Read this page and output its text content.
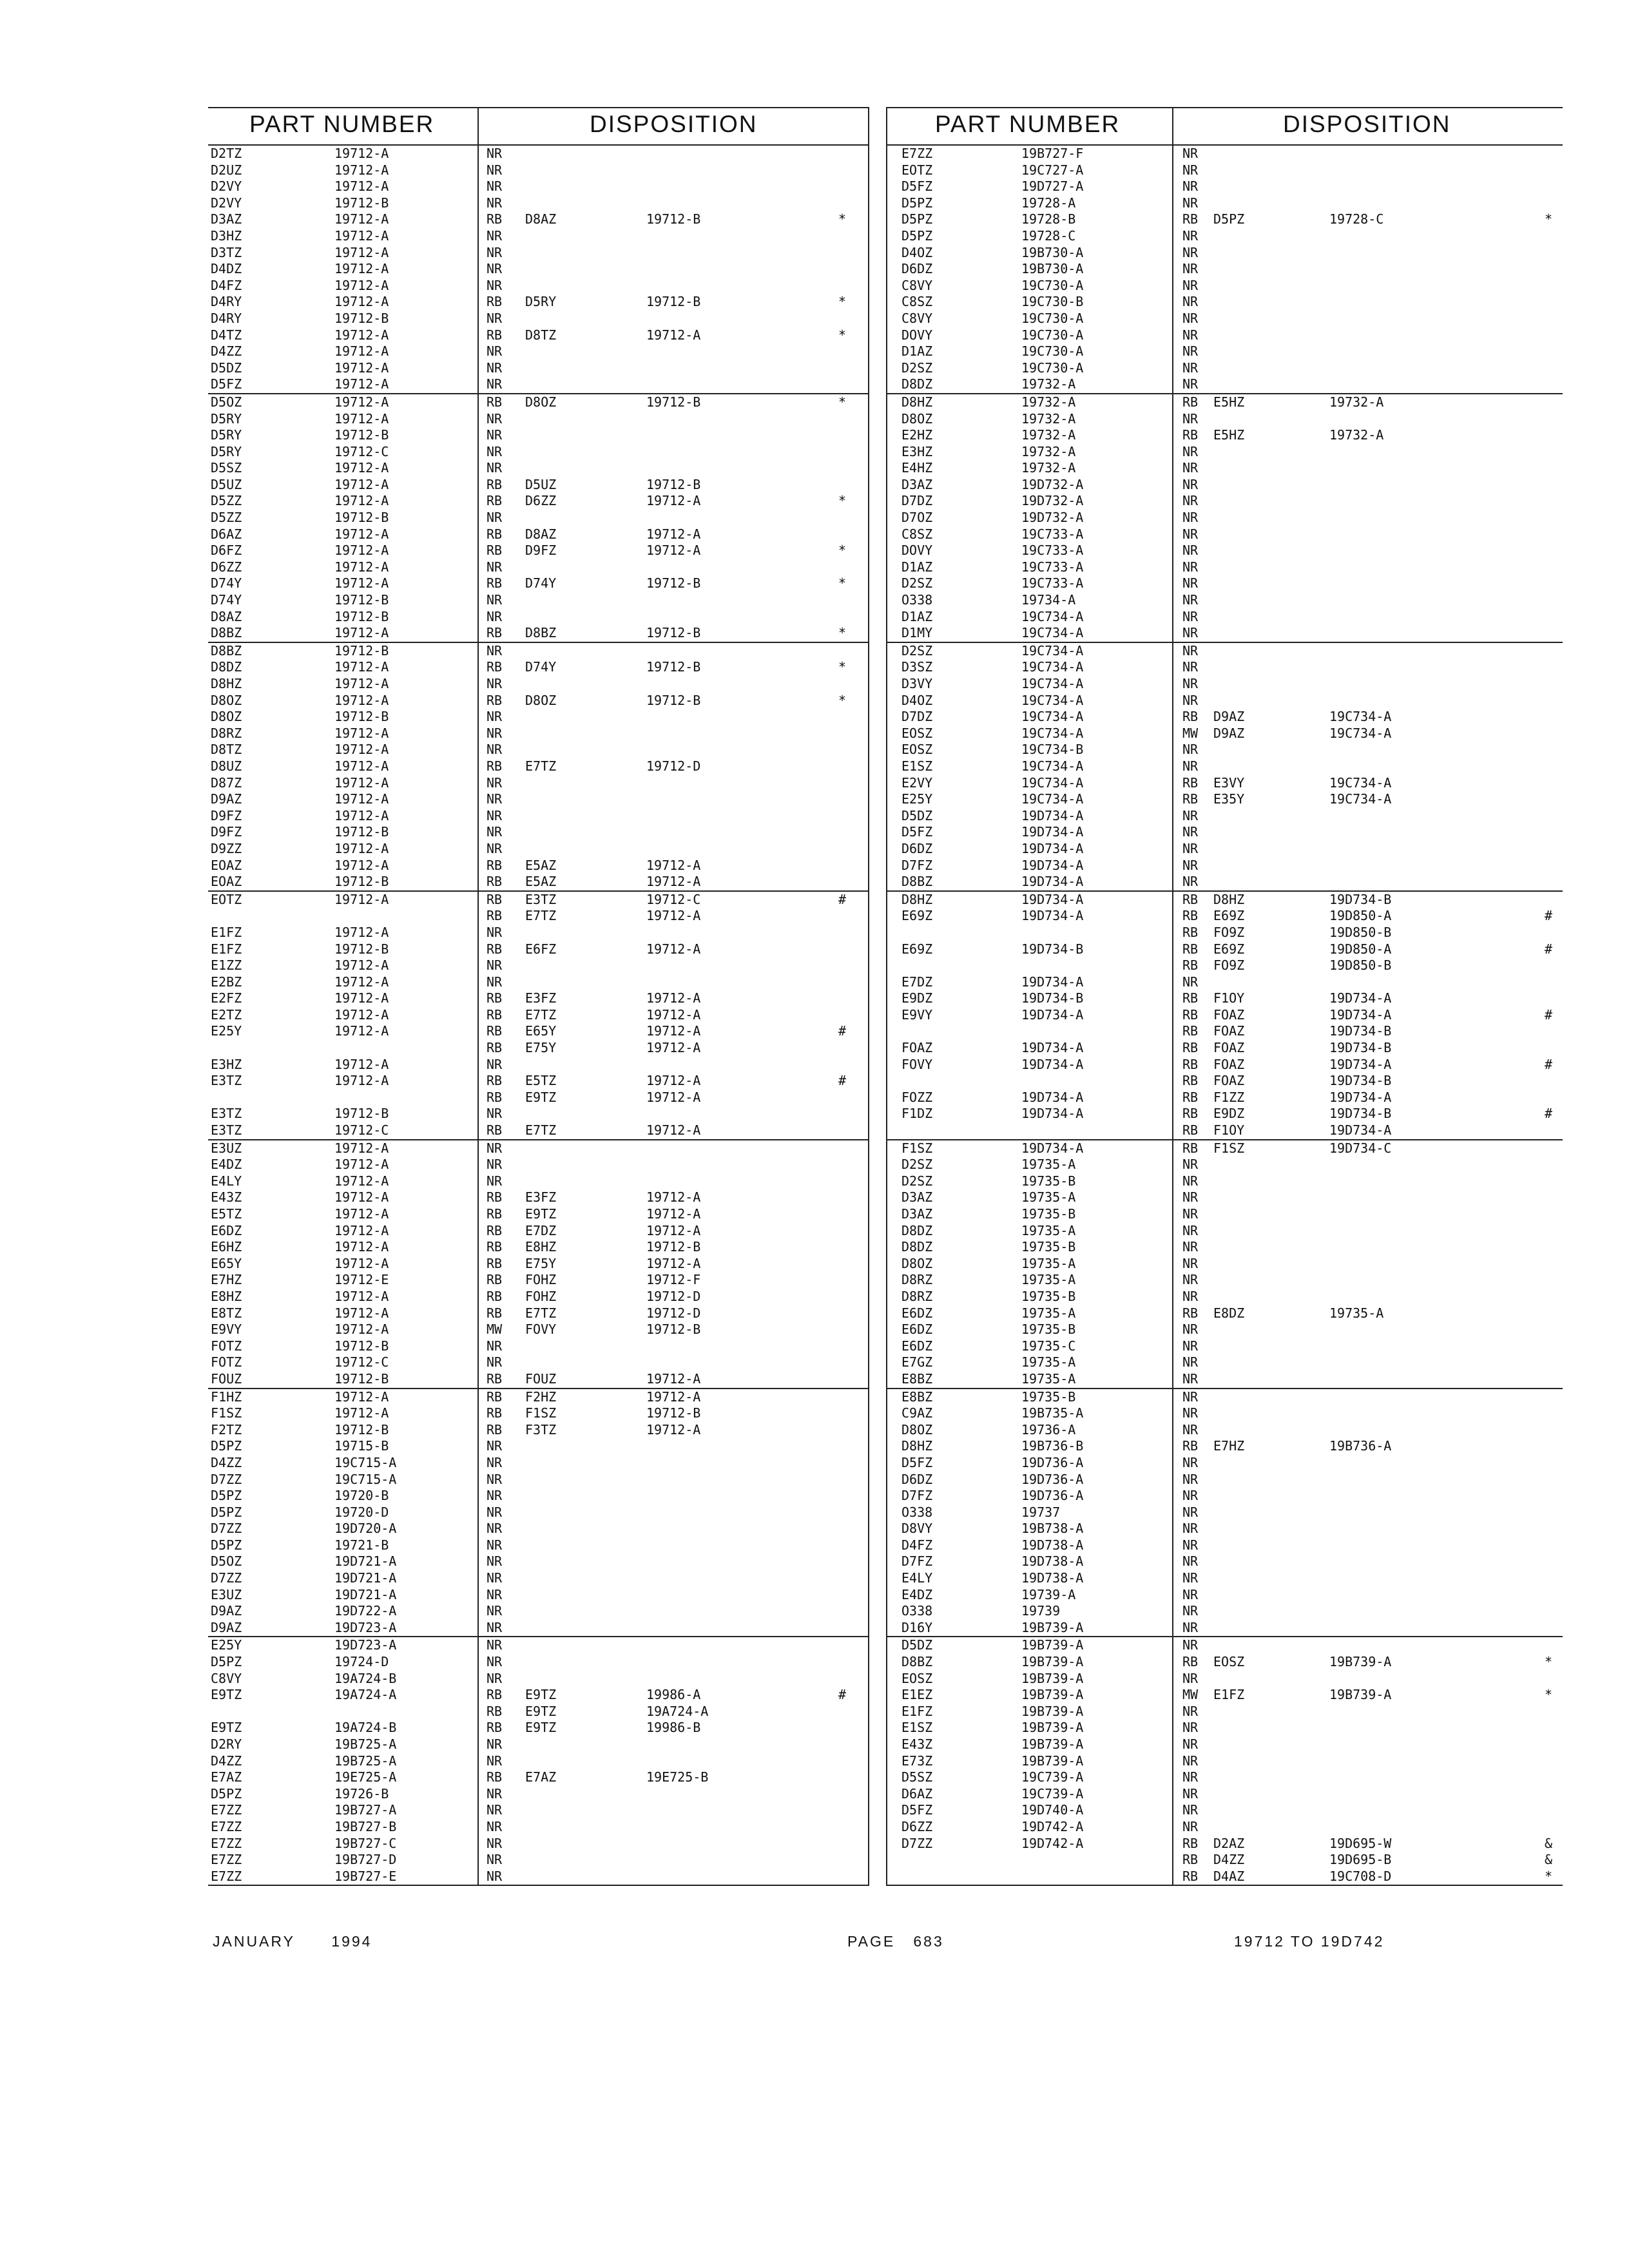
PART NUMBER	DISPOSITION
D2TZ	19712-A	NR
D2UZ	19712-A	NR
D2VY	19712-A	NR
D2VY	19712-B	NR
D3AZ	19712-A	RB D8AZ	19712-B	*
D3HZ	19712-A	NR
D3TZ	19712-A	NR
D4DZ	19712-A	NR
D4FZ	19712-A	NR
D4RY	19712-A	RB D5RY	19712-B	*
D4RY	19712-B	NR
D4TZ	19712-A	RB D8TZ	19712-A	*
D4ZZ	19712-A	NR
D5DZ	19712-A	NR
D5FZ	19712-A	NR
D5OZ	19712-A	RB D8OZ	19712-B	*
D5RY	19712-A	NR
D5RY	19712-B	NR
D5RY	19712-C	NR
D5SZ	19712-A	NR
D5UZ	19712-A	RB D5UZ	19712-B
D5ZZ	19712-A	RB D6ZZ	19712-A	*
D5ZZ	19712-B	NR
D6AZ	19712-A	RB D8AZ	19712-A
D6FZ	19712-A	RB D9FZ	19712-A	*
D6ZZ	19712-A	NR
D74Y	19712-A	RB D74Y	19712-B	*
D74Y	19712-B	NR
D8AZ	19712-B	NR
D8BZ	19712-A	RB D8BZ	19712-B	*
D8BZ	19712-B	NR
D8DZ	19712-A	RB D74Y	19712-B	*
D8HZ	19712-A	NR
D8OZ	19712-A	RB D8OZ	19712-B	*
D8OZ	19712-B	NR
D8RZ	19712-A	NR
D8TZ	19712-A	NR
D8UZ	19712-A	RB E7TZ	19712-D
D87Z	19712-A	NR
D9AZ	19712-A	NR
D9FZ	19712-A	NR
D9FZ	19712-B	NR
D9ZZ	19712-A	NR
EOAZ	19712-A	RB E5AZ	19712-A
EOAZ	19712-B	RB E5AZ	19712-A
EOTZ	19712-A	RB E3TZ	19712-C	#
RB E7TZ	19712-A
E1FZ	19712-A	NR
E1FZ	19712-B	RB E6FZ	19712-A
E1ZZ	19712-A	NR
E2BZ	19712-A	NR
E2FZ	19712-A	RB E3FZ	19712-A
E2TZ	19712-A	RB E7TZ	19712-A
E25Y	19712-A	RB E65Y	19712-A	#
RB E75Y	19712-A
E3HZ	19712-A	NR
E3TZ	19712-A	RB E5TZ	19712-A	#
RB E9TZ	19712-A
E3TZ	19712-B	NR
E3TZ	19712-C	RB E7TZ	19712-A
E3UZ	19712-A	NR
E4DZ	19712-A	NR
E4LY	19712-A	NR
E43Z	19712-A	RB E3FZ	19712-A
E5TZ	19712-A	RB E9TZ	19712-A
E6DZ	19712-A	RB E7DZ	19712-A
E6HZ	19712-A	RB E8HZ	19712-B
E65Y	19712-A	RB E75Y	19712-A
E7HZ	19712-E	RB FOHZ	19712-F
E8HZ	19712-A	RB FOHZ	19712-D
E8TZ	19712-A	RB E7TZ	19712-D
E9VY	19712-A	MW FOVY	19712-B
FOTZ	19712-B	NR
FOTZ	19712-C	NR
FOUZ	19712-B	RB FOUZ	19712-A
F1HZ	19712-A	RB F2HZ	19712-A
F1SZ	19712-A	RB F1SZ	19712-B
F2TZ	19712-B	RB F3TZ	19712-A
D5PZ	19715-B	NR
D4ZZ	19C715-A	NR
D7ZZ	19C715-A	NR
D5PZ	19720-B	NR
D5PZ	19720-D	NR
D7ZZ	19D720-A	NR
D5PZ	19721-B	NR
D5OZ	19D721-A	NR
D7ZZ	19D721-A	NR
E3UZ	19D721-A	NR
D9AZ	19D722-A	NR
D9AZ	19D723-A	NR
E25Y	19D723-A	NR
D5PZ	19724-D	NR
C8VY	19A724-B	NR
E9TZ	19A724-A	RB E9TZ	19986-A	#
RB E9TZ	19A724-A
E9TZ	19A724-B	RB E9TZ	19986-B
D2RY	19B725-A	NR
D4ZZ	19B725-A	NR
E7AZ	19E725-A	RB E7AZ	19E725-B
D5PZ	19726-B	NR
E7ZZ	19B727-A	NR
E7ZZ	19B727-B	NR
E7ZZ	19B727-C	NR
E7ZZ	19B727-D	NR
E7ZZ	19B727-E	NR
PART NUMBER	DISPOSITION
E7ZZ	19B727-F	NR
EOTZ	19C727-A	NR
D5FZ	19D727-A	NR
D5PZ	19728-A	NR
D5PZ	19728-B	RB D5PZ	19728-C	*
D5PZ	19728-C	NR
D4OZ	19B730-A	NR
D6DZ	19B730-A	NR
C8VY	19C730-A	NR
C8SZ	19C730-B	NR
C8VY	19C730-A	NR
DOVY	19C730-A	NR
D1AZ	19C730-A	NR
D2SZ	19C730-A	NR
D8DZ	19732-A	NR
D8HZ	19732-A	RB E5HZ	19732-A
D8OZ	19732-A	NR
E2HZ	19732-A	RB E5HZ	19732-A
E3HZ	19732-A	NR
E4HZ	19732-A	NR
D3AZ	19D732-A	NR
D7DZ	19D732-A	NR
D7OZ	19D732-A	NR
C8SZ	19C733-A	NR
DOVY	19C733-A	NR
D1AZ	19C733-A	NR
D2SZ	19C733-A	NR
O338	19734-A	NR
D1AZ	19C734-A	NR
D1MY	19C734-A	NR
D2SZ	19C734-A	NR
D3SZ	19C734-A	NR
D3VY	19C734-A	NR
D4OZ	19C734-A	NR
D7DZ	19C734-A	RB D9AZ	19C734-A
EOSZ	19C734-A	MW D9AZ	19C734-A
EOSZ	19C734-B	NR
E1SZ	19C734-A	NR
E2VY	19C734-A	RB E3VY	19C734-A
E25Y	19C734-A	RB E35Y	19C734-A
D5DZ	19D734-A	NR
D5FZ	19D734-A	NR
D6DZ	19D734-A	NR
D7FZ	19D734-A	NR
D8BZ	19D734-A	NR
D8HZ	19D734-A	RB D8HZ	19D734-B
E69Z	19D734-A	RB E69Z	19D850-A	#
RB FO9Z	19D850-B
E69Z	19D734-B	RB E69Z	19D850-A	#
RB FO9Z	19D850-B
E7DZ	19D734-A	NR
E9DZ	19D734-B	RB F1OY	19D734-A
E9VY	19D734-A	RB FOAZ	19D734-A	#
RB FOAZ	19D734-B
FOAZ	19D734-A	RB FOAZ	19D734-B
FOVY	19D734-A	RB FOAZ	19D734-A	#
RB FOAZ	19D734-B
FOZZ	19D734-A	RB F1ZZ	19D734-A
F1DZ	19D734-A	RB E9DZ	19D734-B	#
RB F1OY	19D734-A
F1SZ	19D734-A	RB F1SZ	19D734-C
D2SZ	19735-A	NR
D2SZ	19735-B	NR
D3AZ	19735-A	NR
D3AZ	19735-B	NR
D8DZ	19735-A	NR
D8DZ	19735-B	NR
D8OZ	19735-A	NR
D8RZ	19735-A	NR
D8RZ	19735-B	NR
E6DZ	19735-A	RB E8DZ	19735-A
E6DZ	19735-B	NR
E6DZ	19735-C	NR
E7GZ	19735-A	NR
E8BZ	19735-A	NR
E8BZ	19735-B	NR
C9AZ	19B735-A	NR
D8OZ	19736-A	NR
D8HZ	19B736-B	RB E7HZ	19B736-A
D5FZ	19D736-A	NR
D6DZ	19D736-A	NR
D7FZ	19D736-A	NR
O338	19737	NR
D8VY	19B738-A	NR
D4FZ	19D738-A	NR
D7FZ	19D738-A	NR
E4LY	19D738-A	NR
E4DZ	19739-A	NR
O338	19739	NR
D16Y	19B739-A	NR
D5DZ	19B739-A	NR
D8BZ	19B739-A	RB EOSZ	19B739-A	*
EOSZ	19B739-A	NR
E1EZ	19B739-A	MW E1FZ	19B739-A	*
E1FZ	19B739-A	NR
E1SZ	19B739-A	NR
E43Z	19B739-A	NR
E73Z	19B739-A	NR
D5SZ	19C739-A	NR
D6AZ	19C739-A	NR
D5FZ	19D740-A	NR
D6ZZ	19D742-A	NR
D7ZZ	19D742-A	RB D2AZ	19D695-W	&
RB D4ZZ	19D695-B	&
RB D4AZ	19C708-D	*
JANUARY 1994	PAGE 683	19712 TO 19D742
